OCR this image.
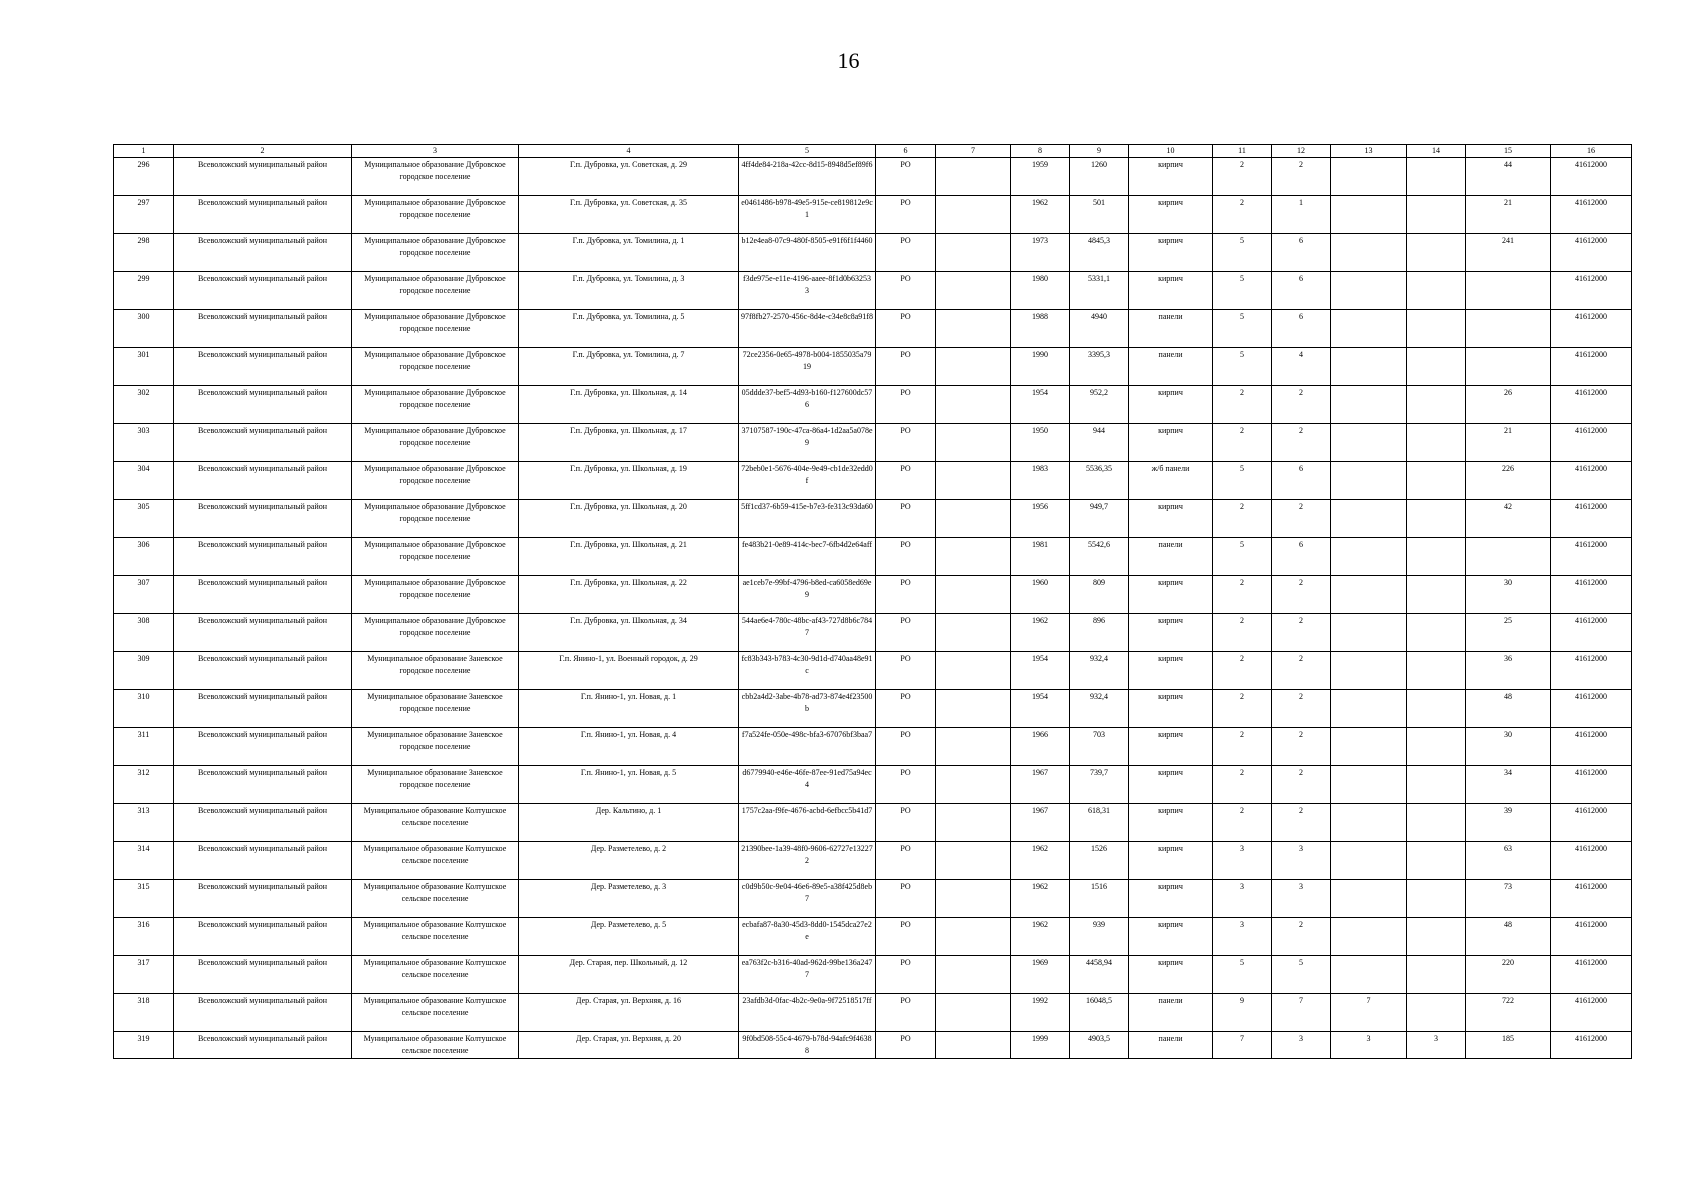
16
1	2	3	4	5	6	7	8	9	10	11	12	13	14	15	16
296	Всеволожский муниципальный район	Муниципальное образование Дубровское городское поселение	Г.п. Дубровка, ул. Советская, д. 29	4ff4de84-218a-42cc-8d15-8948d5ef89f6	РО		1959	1260	кирпич	2	2			44	41612000
297	Всеволожский муниципальный район	Муниципальное образование Дубровское городское поселение	Г.п. Дубровка, ул. Советская, д. 35	e0461486-b978-49e5-915e-ce819812e9c1	РО		1962	501	кирпич	2	1			21	41612000
298	Всеволожский муниципальный район	Муниципальное образование Дубровское городское поселение	Г.п. Дубровка, ул. Томилина, д. 1	b12e4ea8-07c9-480f-8505-e91f6f1f4460	РО		1973	4845,3	кирпич	5	6			241	41612000
299	Всеволожский муниципальный район	Муниципальное образование Дубровское городское поселение	Г.п. Дубровка, ул. Томилина, д. 3	f3de975e-e11e-4196-aaee-8f1d0b632533	РО		1980	5331,1	кирпич	5	6				41612000
300	Всеволожский муниципальный район	Муниципальное образование Дубровское городское поселение	Г.п. Дубровка, ул. Томилина, д. 5	97f8fb27-2570-456c-8d4e-c34e8c8a91f8	РО		1988	4940	панели	5	6				41612000
301	Всеволожский муниципальный район	Муниципальное образование Дубровское городское поселение	Г.п. Дубровка, ул. Томилина, д. 7	72ce2356-0e65-4978-b004-1855035a7919	РО		1990	3395,3	панели	5	4				41612000
302	Всеволожский муниципальный район	Муниципальное образование Дубровское городское поселение	Г.п. Дубровка, ул. Школьная, д. 14	05ddde37-bef5-4d93-b160-f127600dc576	РО		1954	952,2	кирпич	2	2			26	41612000
303	Всеволожский муниципальный район	Муниципальное образование Дубровское городское поселение	Г.п. Дубровка, ул. Школьная, д. 17	37107587-190c-47ca-86a4-1d2aa5a078e9	РО		1950	944	кирпич	2	2			21	41612000
304	Всеволожский муниципальный район	Муниципальное образование Дубровское городское поселение	Г.п. Дубровка, ул. Школьная, д. 19	72beb0e1-5676-404e-9e49-cb1de32edd0f	РО		1983	5536,35	ж/б панели	5	6			226	41612000
305	Всеволожский муниципальный район	Муниципальное образование Дубровское городское поселение	Г.п. Дубровка, ул. Школьная, д. 20	5ff1cd37-6b59-415e-b7e3-fe313c93da60	РО		1956	949,7	кирпич	2	2			42	41612000
306	Всеволожский муниципальный район	Муниципальное образование Дубровское городское поселение	Г.п. Дубровка, ул. Школьная, д. 21	fe483b21-0e89-414c-bec7-6fb4d2e64aff	РО		1981	5542,6	панели	5	6				41612000
307	Всеволожский муниципальный район	Муниципальное образование Дубровское городское поселение	Г.п. Дубровка, ул. Школьная, д. 22	ae1ceb7e-99bf-4796-b8ed-ca6058ed69e9	РО		1960	809	кирпич	2	2			30	41612000
308	Всеволожский муниципальный район	Муниципальное образование Дубровское городское поселение	Г.п. Дубровка, ул. Школьная, д. 34	544ae6e4-780c-48bc-af43-727d8b6c7847	РО		1962	896	кирпич	2	2			25	41612000
309	Всеволожский муниципальный район	Муниципальное образование Заневское городское поселение	Г.п. Янино-1, ул. Военный городок, д. 29	fc83b343-b783-4c30-9d1d-d740aa48e91c	РО		1954	932,4	кирпич	2	2			36	41612000
310	Всеволожский муниципальный район	Муниципальное образование Заневское городское поселение	Г.п. Янино-1, ул. Новая, д. 1	cbb2a4d2-3abe-4b78-ad73-874e4f23500b	РО		1954	932,4	кирпич	2	2			48	41612000
311	Всеволожский муниципальный район	Муниципальное образование Заневское городское поселение	Г.п. Янино-1, ул. Новая, д. 4	f7a524fe-050e-498c-bfa3-67076bf3baa7	РО		1966	703	кирпич	2	2			30	41612000
312	Всеволожский муниципальный район	Муниципальное образование Заневское городское поселение	Г.п. Янино-1, ул. Новая, д. 5	d6779940-e46e-46fe-87ee-91ed75a94ec4	РО		1967	739,7	кирпич	2	2			34	41612000
313	Всеволожский муниципальный район	Муниципальное образование Колтушское сельское поселение	Дер. Кальтино, д. 1	1757c2aa-f9fe-4676-acbd-6efbcc5b41d7	РО		1967	618,31	кирпич	2	2			39	41612000
314	Всеволожский муниципальный район	Муниципальное образование Колтушское сельское поселение	Дер. Разметелево, д. 2	21390bee-1a39-48f0-9606-62727e132272	РО		1962	1526	кирпич	3	3			63	41612000
315	Всеволожский муниципальный район	Муниципальное образование Колтушское сельское поселение	Дер. Разметелево, д. 3	c0d9b50c-9e04-46e6-89e5-a38f425d8eb7	РО		1962	1516	кирпич	3	3			73	41612000
316	Всеволожский муниципальный район	Муниципальное образование Колтушское сельское поселение	Дер. Разметелево, д. 5	ecbafa87-8a30-45d3-8dd0-1545dca27e2e	РО		1962	939	кирпич	3	2			48	41612000
317	Всеволожский муниципальный район	Муниципальное образование Колтушское сельское поселение	Дер. Старая, пер. Школьный, д. 12	ea763f2c-b316-40ad-962d-99be136a2477	РО		1969	4458,94	кирпич	5	5			220	41612000
318	Всеволожский муниципальный район	Муниципальное образование Колтушское сельское поселение	Дер. Старая, ул. Верхняя, д. 16	23afdb3d-0fac-4b2c-9e0a-9f72518517ff	РО		1992	16048,5	панели	9	7	7		722	41612000
319	Всеволожский муниципальный район	Муниципальное образование Колтушское сельское поселение	Дер. Старая, ул. Верхняя, д. 20	9f0bd508-55c4-4679-b78d-94afc9f46388	РО		1999	4903,5	панели	7	3	3	3	185	41612000
